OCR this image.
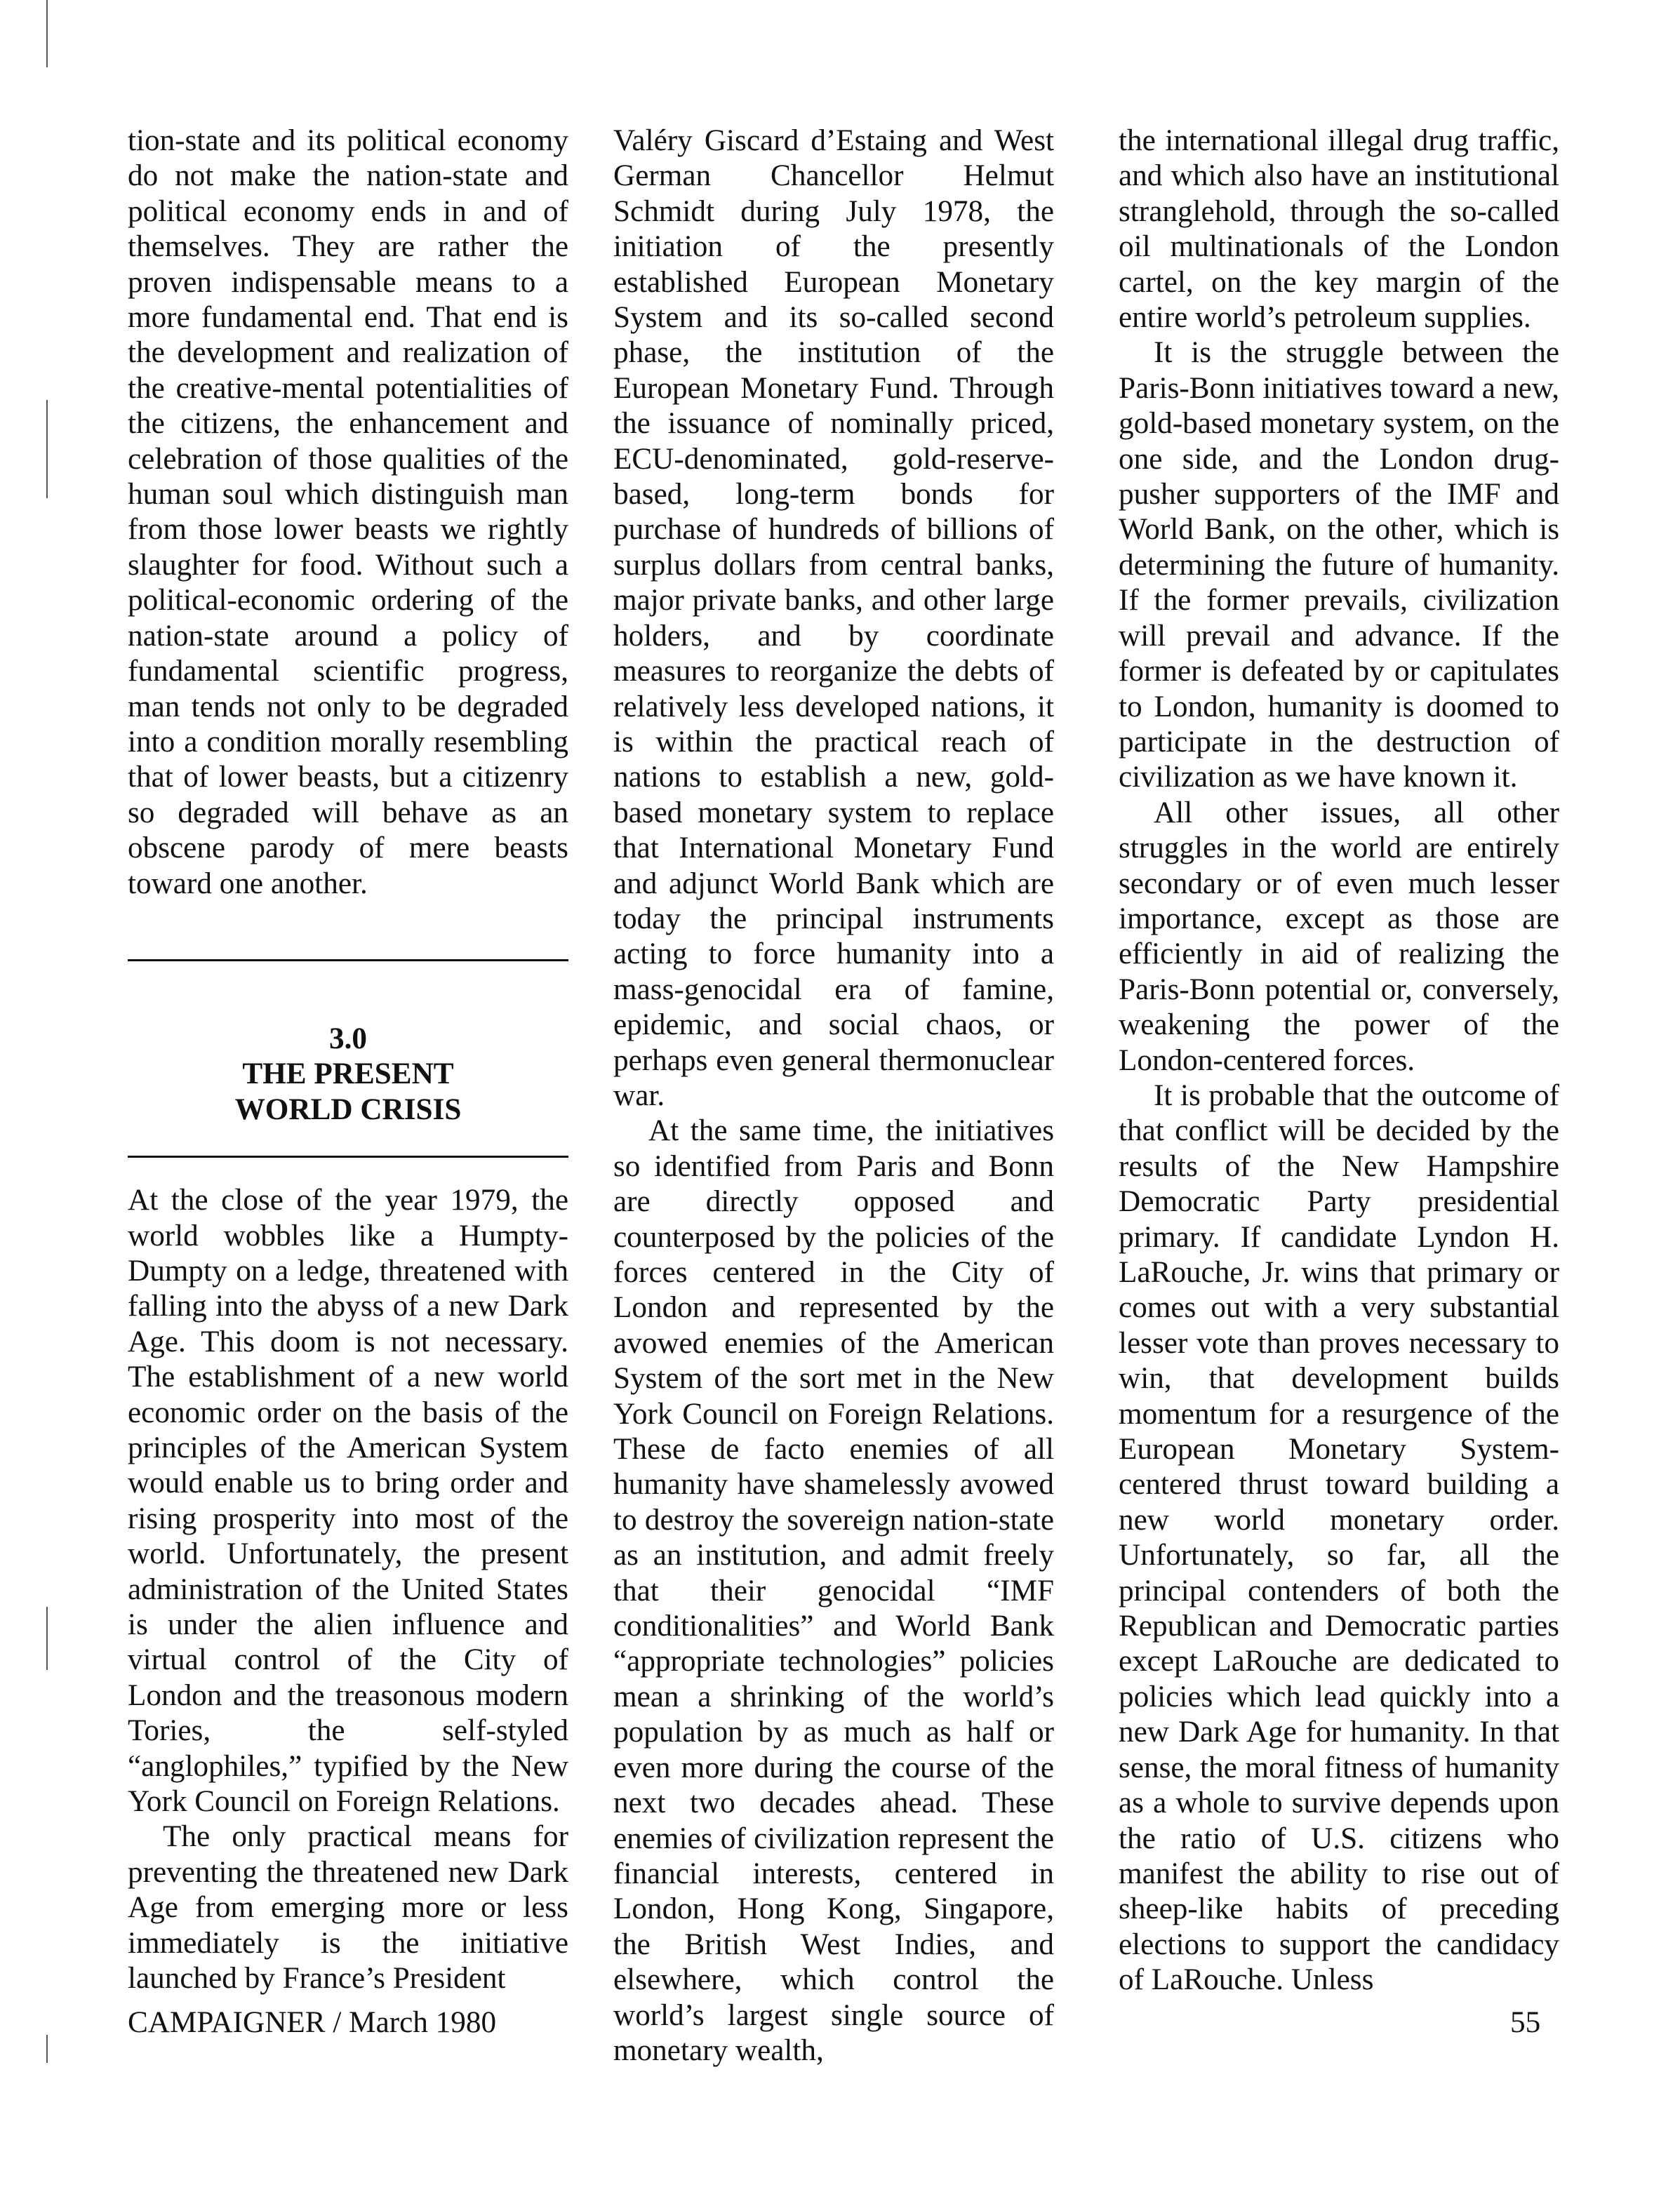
tion-state and its political economy do not make the nation-state and political economy ends in and of themselves. They are rather the proven indispensable means to a more fundamental end. That end is the development and realization of the creative-mental potentialities of the citizens, the enhancement and celebration of those qualities of the human soul which distinguish man from those lower beasts we rightly slaughter for food. Without such a political-economic ordering of the nation-state around a policy of fundamental scientific progress, man tends not only to be degraded into a condition morally resembling that of lower beasts, but a citizenry so degraded will behave as an obscene parody of mere beasts toward one another.

3.0
THE PRESENT
WORLD CRISIS

At the close of the year 1979, the world wobbles like a Humpty-Dumpty on a ledge, threatened with falling into the abyss of a new Dark Age. This doom is not necessary. The establishment of a new world economic order on the basis of the principles of the American System would enable us to bring order and rising prosperity into most of the world. Unfortunately, the present administration of the United States is under the alien influence and virtual control of the City of London and the treasonous modern Tories, the self-styled “anglophiles,” typified by the New York Council on Foreign Relations.

The only practical means for preventing the threatened new Dark Age from emerging more or less immediately is the initiative launched by France’s President

Valéry Giscard d’Estaing and West German Chancellor Helmut Schmidt during July 1978, the initiation of the presently established European Monetary System and its so-called second phase, the institution of the European Monetary Fund. Through the issuance of nominally priced, ECU-denominated, gold-reserve-based, long-term bonds for purchase of hundreds of billions of surplus dollars from central banks, major private banks, and other large holders, and by coordinate measures to reorganize the debts of relatively less developed nations, it is within the practical reach of nations to establish a new, gold-based monetary system to replace that International Monetary Fund and adjunct World Bank which are today the principal instruments acting to force humanity into a mass-genocidal era of famine, epidemic, and social chaos, or perhaps even general thermonuclear war.

At the same time, the initiatives so identified from Paris and Bonn are directly opposed and counterposed by the policies of the forces centered in the City of London and represented by the avowed enemies of the American System of the sort met in the New York Council on Foreign Relations. These de facto enemies of all humanity have shamelessly avowed to destroy the sovereign nation-state as an institution, and admit freely that their genocidal “IMF conditionalities” and World Bank “appropriate technologies” policies mean a shrinking of the world’s population by as much as half or even more during the course of the next two decades ahead. These enemies of civilization represent the financial interests, centered in London, Hong Kong, Singapore, the British West Indies, and elsewhere, which control the world’s largest single source of monetary wealth,

the international illegal drug traffic, and which also have an institutional stranglehold, through the so-called oil multinationals of the London cartel, on the key margin of the entire world’s petroleum supplies.

It is the struggle between the Paris-Bonn initiatives toward a new, gold-based monetary system, on the one side, and the London drug-pusher supporters of the IMF and World Bank, on the other, which is determining the future of humanity. If the former prevails, civilization will prevail and advance. If the former is defeated by or capitulates to London, humanity is doomed to participate in the destruction of civilization as we have known it.

All other issues, all other struggles in the world are entirely secondary or of even much lesser importance, except as those are efficiently in aid of realizing the Paris-Bonn potential or, conversely, weakening the power of the London-centered forces.

It is probable that the outcome of that conflict will be decided by the results of the New Hampshire Democratic Party presidential primary. If candidate Lyndon H. LaRouche, Jr. wins that primary or comes out with a very substantial lesser vote than proves necessary to win, that development builds momentum for a resurgence of the European Monetary System-centered thrust toward building a new world monetary order. Unfortunately, so far, all the principal contenders of both the Republican and Democratic parties except LaRouche are dedicated to policies which lead quickly into a new Dark Age for humanity. In that sense, the moral fitness of humanity as a whole to survive depends upon the ratio of U.S. citizens who manifest the ability to rise out of sheep-like habits of preceding elections to support the candidacy of LaRouche. Unless

CAMPAIGNER / March 1980	55
